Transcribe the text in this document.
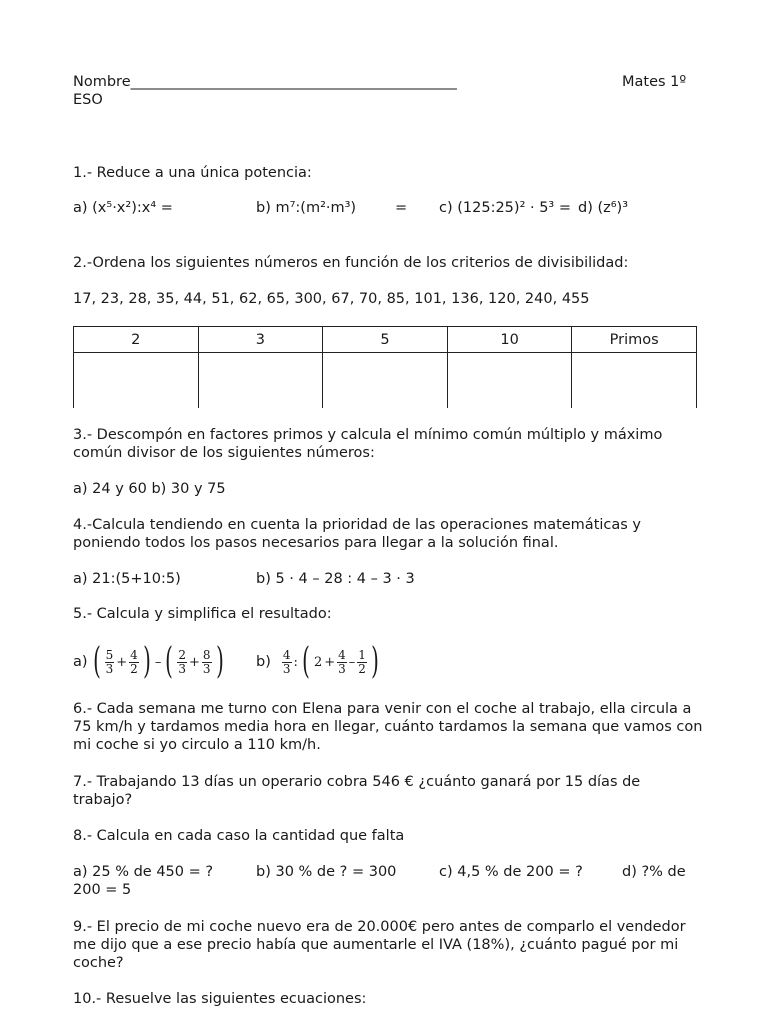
Nombre_____________________________________________	Mates 1º
ESO
1.- Reduce a una única potencia:
a) (x⁵·x²):x⁴ =	b) m⁷:(m²·m³)	= c) (125:25)² · 5³ = d) (z⁶)³
2.-Ordena los siguientes números en función de los criterios de divisibilidad:
17, 23, 28, 35, 44, 51, 62, 65, 300, 67, 70, 85, 101, 136, 120, 240, 455
2	3	5	10	Primos

3.- Descompón en factores primos y calcula el mínimo común múltiplo y máximo común divisor de los siguientes números:
a) 24 y 60 b) 30 y 75
4.-Calcula tendiendo en cuenta la prioridad de las operaciones matemáticas y poniendo todos los pasos necesarios para llegar a la solución final.
a) 21:(5+10:5)	b) 5 · 4 – 28 : 4 – 3 · 3
5.- Calcula y simplifica el resultado:
a) ( $\frac{5}{3} + \frac{4}{2}$ ) – ( $\frac{2}{3} + \frac{8}{3}$ ) $b) \frac{4}{3}$ : ( $2 + \frac{4}{3} - \frac{1}{2}$ )
6.- Cada semana me turno con Elena para venir con el coche al trabajo, ella circula a 75 km/h y tardamos media hora en llegar, cuánto tardamos la semana que vamos con mi coche si yo circulo a 110 km/h.
7.- Trabajando 13 días un operario cobra 546 € ¿cuánto ganará por 15 días de trabajo?
8.- Calcula en cada caso la cantidad que falta
a) 25 % de 450 = ?	b) 30 % de ? = 300	c) 4,5 % de 200 = ?	d) ?% de
200 = 5
9.- El precio de mi coche nuevo era de 20.000€ pero antes de comparlo el vendedor me dijo que a ese precio había que aumentarle el IVA (18%), ¿cuánto pagué por mi coche?
10.- Resuelve las siguientes ecuaciones:
